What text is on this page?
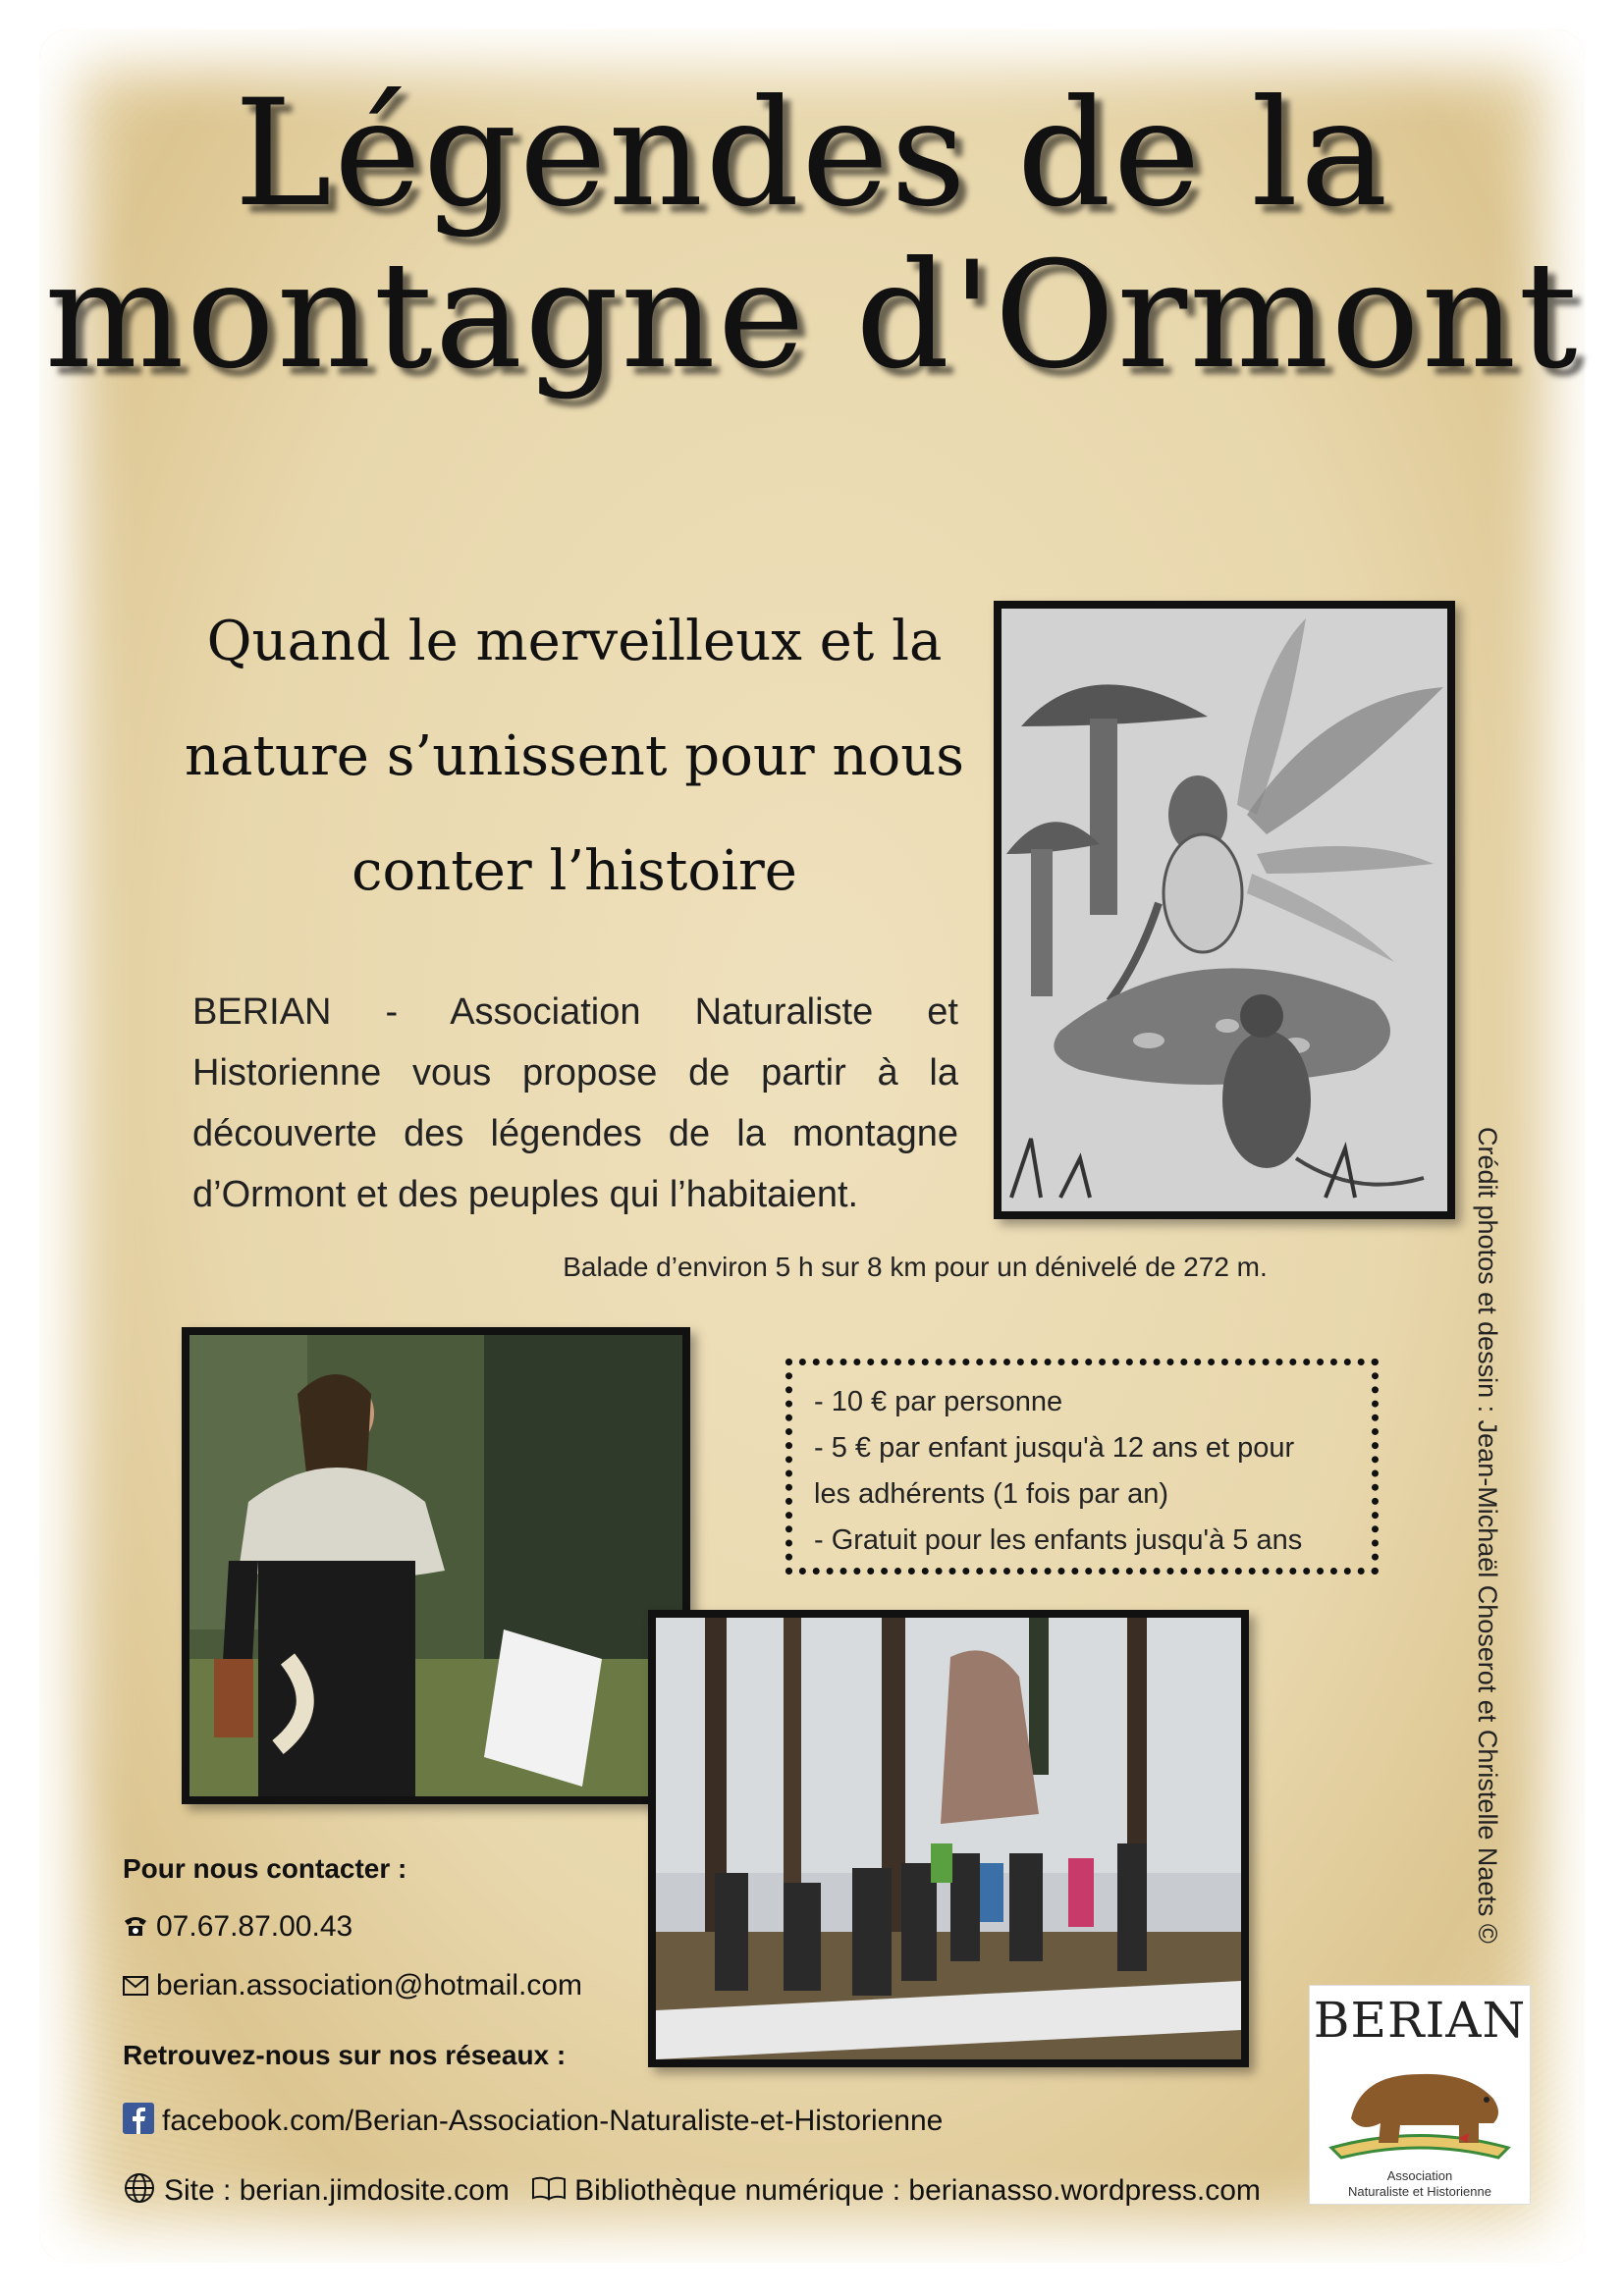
Légendes de la
montagne d'Ormont
Quand le merveilleux et la
nature s’unissent pour nous
conter l’histoire
BERIAN - Association Naturaliste et Historienne vous propose de partir à la découverte des légendes de la montagne d’Ormont et des peuples qui l’habitaient.
Balade d’environ 5 h sur 8 km pour un dénivelé de 272 m.
- 10 € par personne
- 5 € par enfant jusqu'à 12 ans et pour
les adhérents (1 fois par an)
- Gratuit pour les enfants jusqu'à 5 ans
Pour nous contacter :
07.67.87.00.43
berian.association@hotmail.com
Retrouvez-nous sur nos réseaux :
facebook.com/Berian-Association-Naturaliste-et-Historienne
Site : berian.jimdosite.com Bibliothèque numérique : berianasso.wordpress.com
Crédit photos et dessin : Jean-Michaël Choserot et Christelle Naets ©
BERIAN
Association
Naturaliste et Historienne
